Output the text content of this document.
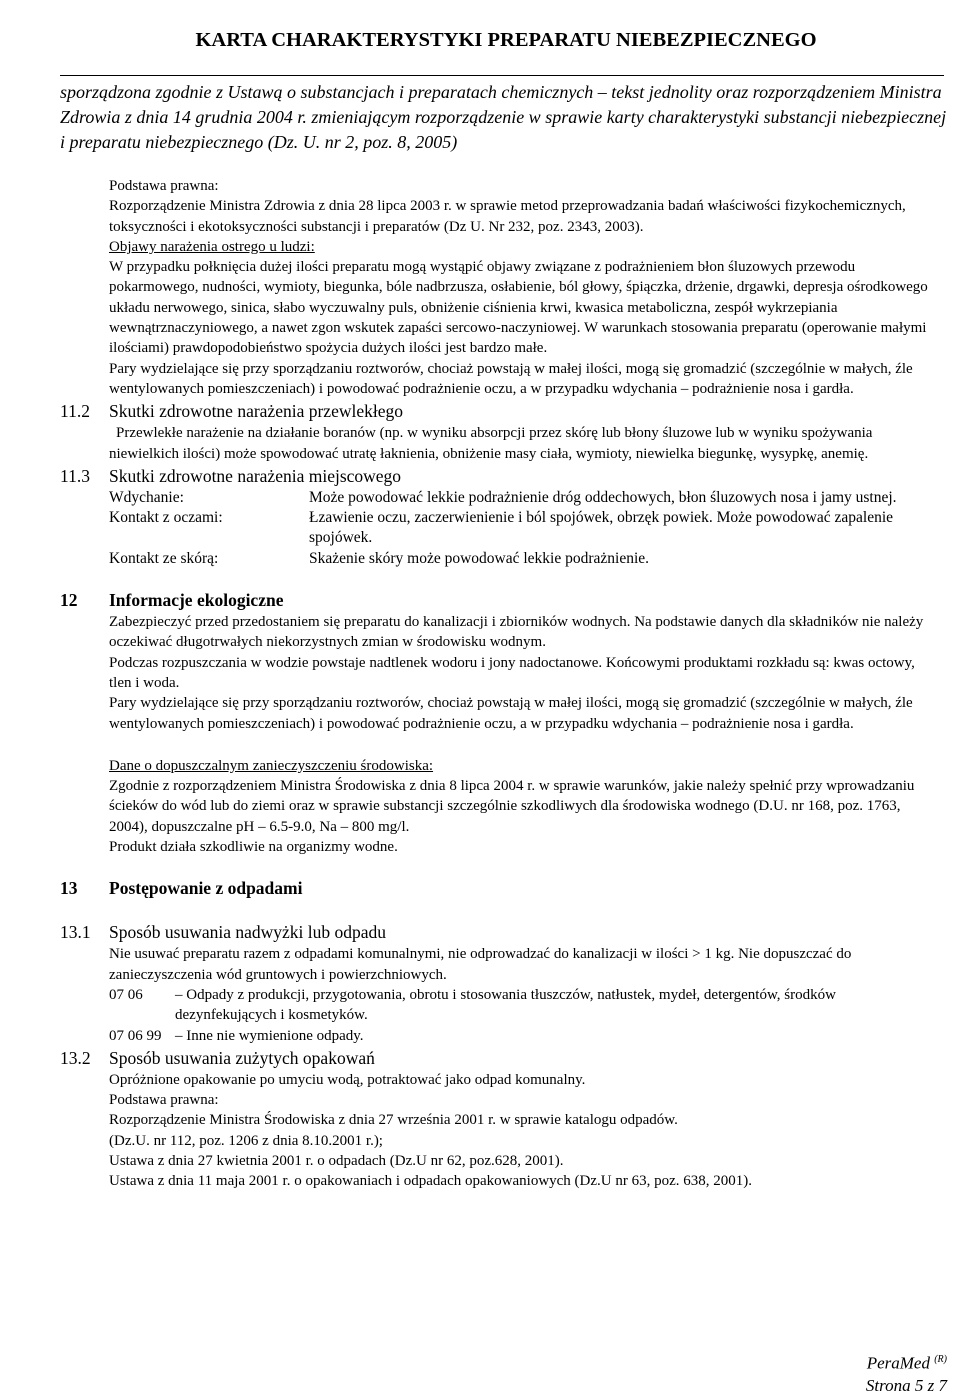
KARTA CHARAKTERYSTYKI PREPARATU NIEBEZPIECZNEGO
sporządzona zgodnie z Ustawą o substancjach i preparatach chemicznych – tekst jednolity oraz rozporządzeniem Ministra Zdrowia z dnia 14 grudnia 2004 r. zmieniającym rozporządzenie w sprawie karty charakterystyki substancji niebezpiecznej i preparatu niebezpiecznego (Dz. U. nr 2, poz. 8, 2005)

Podstawa prawna:

Rozporządzenie Ministra Zdrowia z dnia 28 lipca 2003 r. w sprawie metod przeprowadzania badań właściwości fizykochemicznych, toksyczności i ekotoksyczności substancji i preparatów (Dz U. Nr 232, poz. 2343, 2003).

Objawy narażenia ostrego u ludzi:

W przypadku połknięcia dużej ilości preparatu mogą wystąpić objawy związane z podrażnieniem błon śluzowych przewodu pokarmowego, nudności, wymioty, biegunka, bóle nadbrzusza, osłabienie, ból głowy, śpiączka, drżenie, drgawki, depresja ośrodkowego układu nerwowego, sinica, słabo wyczuwalny puls, obniżenie ciśnienia krwi, kwasica metaboliczna, zespół wykrzepiania wewnątrznaczyniowego, a nawet zgon wskutek zapaści sercowo-naczyniowej. W warunkach stosowania preparatu (operowanie małymi ilościami) prawdopodobieństwo spożycia dużych ilości jest bardzo małe.

Pary wydzielające się przy sporządzaniu roztworów, chociaż powstają w małej ilości, mogą się gromadzić (szczególnie w małych, źle wentylowanych pomieszczeniach) i powodować podrażnienie oczu, a w przypadku wdychania – podrażnienie nosa i gardła.

11.2	Skutki zdrowotne narażenia przewlekłego

Przewlekłe narażenie na działanie boranów (np. w wyniku absorpcji przez skórę lub błony śluzowe lub w wyniku spożywania niewielkich ilości) może spowodować utratę łaknienia, obniżenie masy ciała, wymioty, niewielka biegunkę, wysypkę, anemię.

11.3	Skutki zdrowotne narażenia miejscowego
Wdychanie:	Może powodować lekkie podrażnienie dróg oddechowych, błon śluzowych nosa i jamy ustnej.
Kontakt z oczami:	Łzawienie oczu, zaczerwienienie i ból spojówek, obrzęk powiek. Może powodować zapalenie spojówek.
Kontakt ze skórą:	Skażenie skóry może powodować lekkie podrażnienie.
12	Informacje ekologiczne

Zabezpieczyć przed przedostaniem się preparatu do kanalizacji i zbiorników wodnych. Na podstawie danych dla składników nie należy oczekiwać długotrwałych niekorzystnych zmian w środowisku wodnym.

Podczas rozpuszczania w wodzie powstaje nadtlenek wodoru i jony nadoctanowe. Końcowymi produktami rozkładu są: kwas octowy, tlen i woda.

Pary wydzielające się przy sporządzaniu roztworów, chociaż powstają w małej ilości, mogą się gromadzić (szczególnie w małych, źle wentylowanych pomieszczeniach) i powodować podrażnienie oczu, a w przypadku wdychania – podrażnienie nosa i gardła.

Dane o dopuszczalnym zanieczyszczeniu środowiska:

Zgodnie z rozporządzeniem Ministra Środowiska z dnia 8 lipca 2004 r. w sprawie warunków, jakie należy spełnić przy wprowadzaniu ścieków do wód lub do ziemi oraz w sprawie substancji szczególnie szkodliwych dla środowiska wodnego (D.U. nr 168, poz. 1763, 2004), dopuszczalne pH – 6.5-9.0, Na – 800 mg/l.

Produkt działa szkodliwie na organizmy wodne.

13	Postępowanie z odpadami
13.1	Sposób usuwania nadwyżki lub odpadu

Nie usuwać preparatu razem z odpadami komunalnymi, nie odprowadzać do kanalizacji w ilości > 1 kg. Nie dopuszczać do zanieczyszczenia wód gruntowych i powierzchniowych.

07 06	– Odpady z produkcji, przygotowania, obrotu i stosowania tłuszczów, natłustek, mydeł, detergentów, środków dezynfekujących i kosmetyków.
07 06 99 – Inne nie wymienione odpady.
13.2	Sposób usuwania zużytych opakowań

Opróżnione opakowanie po umyciu wodą, potraktować jako odpad komunalny.

Podstawa prawna:

Rozporządzenie Ministra Środowiska z dnia 27 września 2001 r. w sprawie katalogu odpadów.

(Dz.U. nr 112, poz. 1206 z dnia 8.10.2001 r.);

Ustawa z dnia 27 kwietnia 2001 r. o odpadach (Dz.U nr 62, poz.628, 2001).

Ustawa z dnia 11 maja 2001 r. o opakowaniach i odpadach opakowaniowych (Dz.U nr 63, poz. 638, 2001).

PeraMed $^{(R)}$
Strona 5 z 7
